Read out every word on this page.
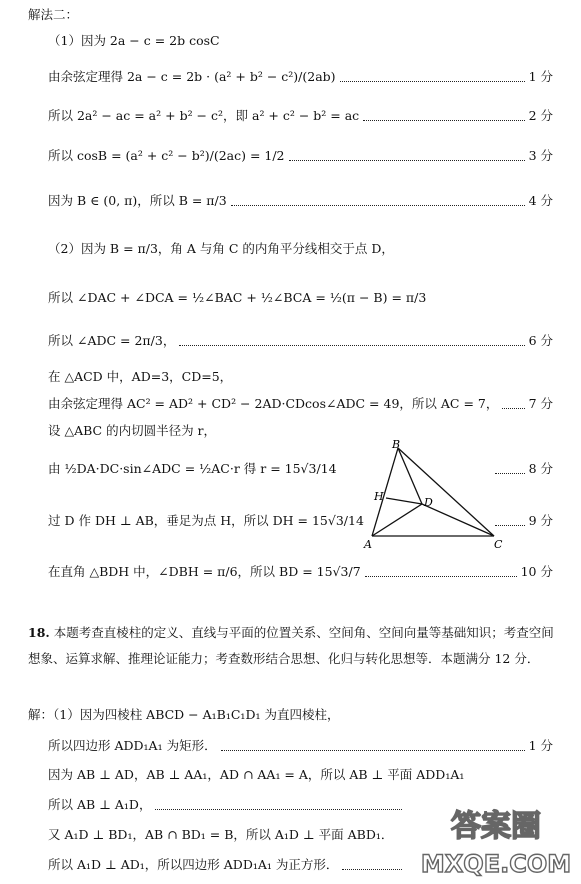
解法二：
（1）因为 2a − c = 2b cosC
由余弦定理得 2a − c = 2b · (a² + b² − c²)/(2ab)	1 分
所以 2a² − ac = a² + b² − c²，即 a² + c² − b² = ac	2 分
所以 cosB = (a² + c² − b²)/(2ac) = 1/2	3 分
因为 B ∈ (0, π)，所以 B = π/3	4 分
（2）因为 B = π/3，角 A 与角 C 的内角平分线相交于点 D，
所以 ∠DAC + ∠DCA = ½∠BAC + ½∠BCA = ½(π − B) = π/3
所以 ∠ADC = 2π/3，	6 分
在 △ACD 中，AD=3，CD=5，
由余弦定理得 AC² = AD² + CD² − 2AD·CDcos∠ADC = 49，所以 AC = 7， 7 分
设 △ABC 的内切圆半径为 r，
由 ½DA·DC·sin∠ADC = ½AC·r 得 r = 15√3/14	8 分
过 D 作 DH ⊥ AB，垂足为点 H，所以 DH = 15√3/14	9 分
在直角 △BDH 中，∠DBH = π/6，所以 BD = 15√3/7	10 分
B
H	D
A	C
18. 本题考查直棱柱的定义、直线与平面的位置关系、空间角、空间向量等基础知识；考查空间想象、运算求解、推理论证能力；考查数形结合思想、化归与转化思想等．本题满分 12 分．
解：（1）因为四棱柱 ABCD − A₁B₁C₁D₁ 为直四棱柱，
所以四边形 ADD₁A₁ 为矩形．	1 分
因为 AB ⊥ AD，AB ⊥ AA₁，AD ∩ AA₁ = A，所以 AB ⊥ 平面 ADD₁A₁
所以 AB ⊥ A₁D，
又 A₁D ⊥ BD₁，AB ∩ BD₁ = B，所以 A₁D ⊥ 平面 ABD₁．
所以 A₁D ⊥ AD₁，所以四边形 ADD₁A₁ 为正方形．
答案圈
MXQE.COM
